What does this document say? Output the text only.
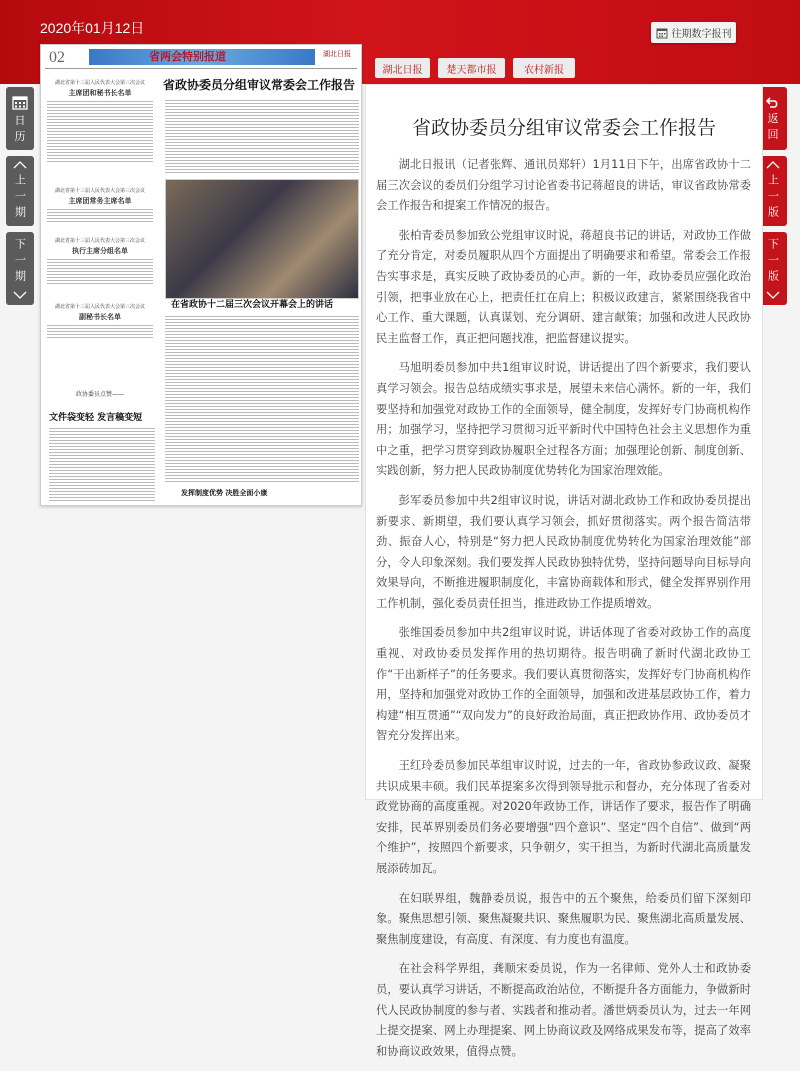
2020年01月12日	往期数字报刊
湖北日报	楚天都市报	农村新报
02	省两会特别报道	湖北日报
省政协委员分组审议常委会工作报告
湖北省第十三届人民代表大会第三次会议
主席团和秘书长名单
湖北省第十三届人民代表大会第三次会议
主席团常务主席名单
湖北省第十三届人民代表大会第三次会议
执行主席分组名单
湖北省第十三届人民代表大会第三次会议
副秘书长名单
政协委员点赞——
文件袋变轻 发言稿变短
在省政协十二届三次会议开幕会上的讲话
发挥制度优势 决胜全面小康
日
历
上一期
下一期
返
回
上一版
下一版
省政协委员分组审议常委会工作报告

湖北日报讯（记者张辉、通讯员郑轩）1月11日下午，出席省政协十二届三次会议的委员们分组学习讨论省委书记蒋超良的讲话，审议省政协常委会工作报告和提案工作情况的报告。

张柏青委员参加致公党组审议时说，蒋超良书记的讲话，对政协工作做了充分肯定，对委员履职从四个方面提出了明确要求和希望。常委会工作报告实事求是，真实反映了政协委员的心声。新的一年，政协委员应强化政治引领，把事业放在心上，把责任扛在肩上；积极议政建言，紧紧围绕我省中心工作、重大课题，认真谋划、充分调研、建言献策；加强和改进人民政协民主监督工作，真正把问题找准，把监督建议提实。

马旭明委员参加中共1组审议时说，讲话提出了四个新要求，我们要认真学习领会。报告总结成绩实事求是，展望未来信心满怀。新的一年，我们要坚持和加强党对政协工作的全面领导，健全制度，发挥好专门协商机构作用；加强学习，坚持把学习贯彻习近平新时代中国特色社会主义思想作为重中之重，把学习贯穿到政协履职全过程各方面；加强理论创新、制度创新、实践创新，努力把人民政协制度优势转化为国家治理效能。

彭军委员参加中共2组审议时说，讲话对湖北政协工作和政协委员提出新要求、新期望，我们要认真学习领会，抓好贯彻落实。两个报告简洁带劲、振奋人心，特别是“努力把人民政协制度优势转化为国家治理效能”部分，令人印象深刻。我们要发挥人民政协独特优势，坚持问题导向目标导向效果导向，不断推进履职制度化，丰富协商载体和形式，健全发挥界别作用工作机制，强化委员责任担当，推进政协工作提质增效。

张维国委员参加中共2组审议时说，讲话体现了省委对政协工作的高度重视、对政协委员发挥作用的热切期待。报告明确了新时代湖北政协工作“干出新样子”的任务要求。我们要认真贯彻落实，发挥好专门协商机构作用，坚持和加强党对政协工作的全面领导，加强和改进基层政协工作，着力构建“相互贯通”“双向发力”的良好政治局面，真正把政协作用、政协委员才智充分发挥出来。

王红玲委员参加民革组审议时说，过去的一年，省政协参政议政、凝聚共识成果丰硕。我们民革提案多次得到领导批示和督办，充分体现了省委对政党协商的高度重视。对2020年政协工作，讲话作了要求，报告作了明确安排，民革界别委员们务必要增强“四个意识”、坚定“四个自信”、做到“两个维护”，按照四个新要求，只争朝夕，实干担当，为新时代湖北高质量发展添砖加瓦。

在妇联界组，魏静委员说，报告中的五个聚焦，给委员们留下深刻印象。聚焦思想引领、聚焦凝聚共识、聚焦履职为民、聚焦湖北高质量发展、聚焦制度建设，有高度、有深度、有力度也有温度。

在社会科学界组，龚顺宋委员说，作为一名律师、党外人士和政协委员，要认真学习讲话，不断提高政治站位，不断提升各方面能力，争做新时代人民政协制度的参与者、实践者和推动者。潘世炳委员认为，过去一年网上提交提案、网上办理提案、网上协商议政及网络成果发布等，提高了效率和协商议政效果，值得点赞。
